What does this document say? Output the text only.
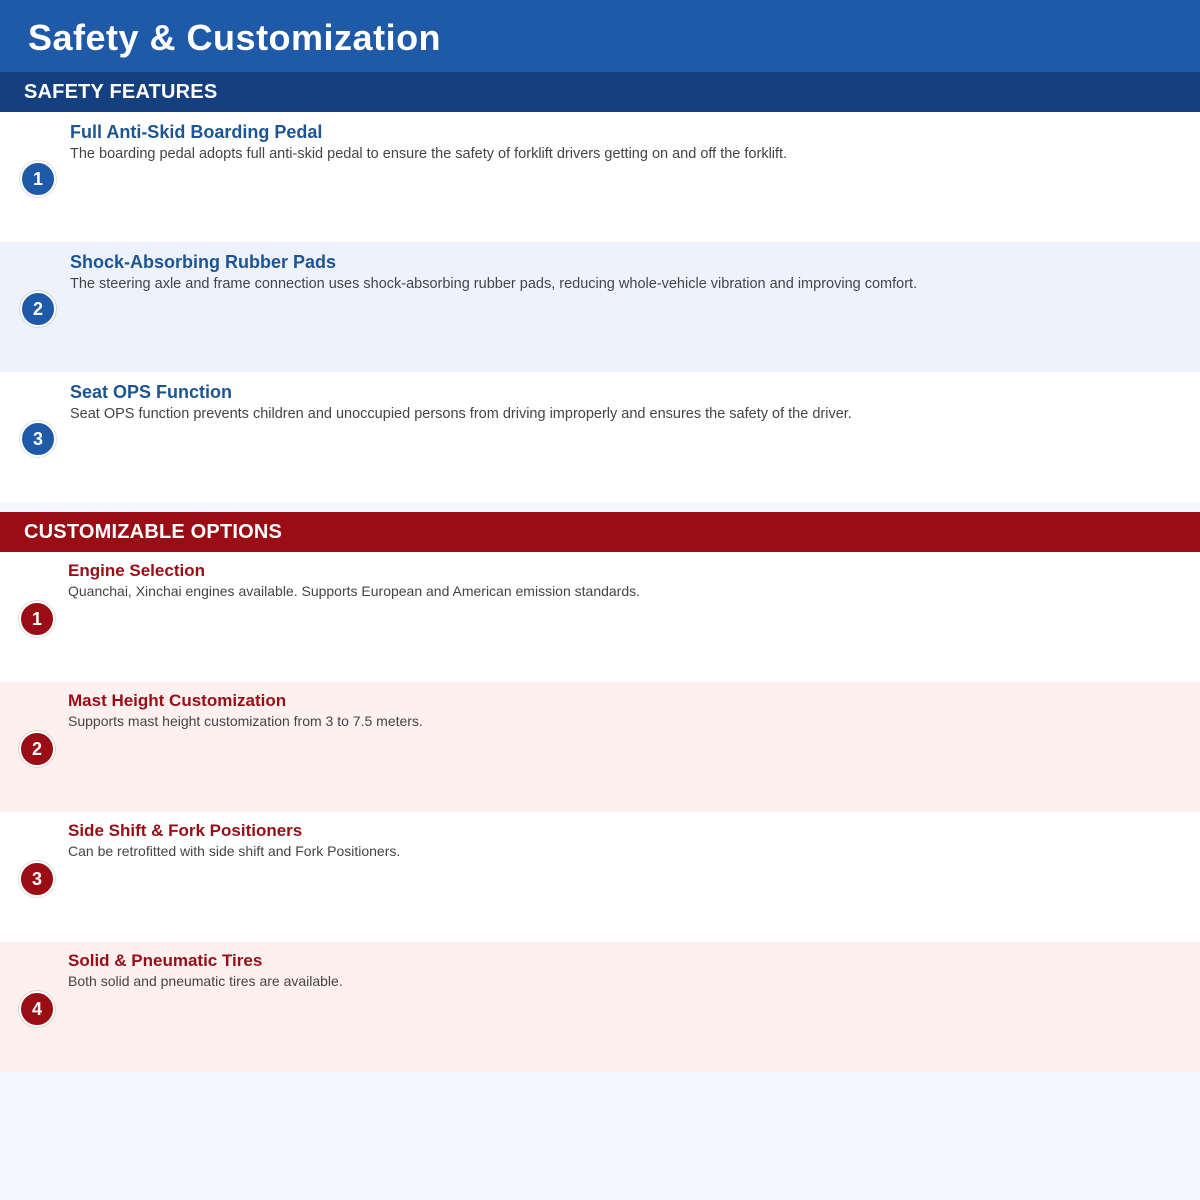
Safety & Customization
SAFETY FEATURES
1
Full Anti-Skid Boarding Pedal
The boarding pedal adopts full anti-skid pedal to ensure the safety of forklift drivers getting on and off the forklift.
2
Shock-Absorbing Rubber Pads
The steering axle and frame connection uses shock-absorbing rubber pads, reducing whole-vehicle vibration and improving comfort.
3
Seat OPS Function
Seat OPS function prevents children and unoccupied persons from driving improperly and ensures the safety of the driver.
CUSTOMIZABLE OPTIONS
1
Engine Selection
Quanchai, Xinchai engines available. Supports European and American emission standards.
2
Mast Height Customization
Supports mast height customization from 3 to 7.5 meters.
3
Side Shift & Fork Positioners
Can be retrofitted with side shift and Fork Positioners.
4
Solid & Pneumatic Tires
Both solid and pneumatic tires are available.
